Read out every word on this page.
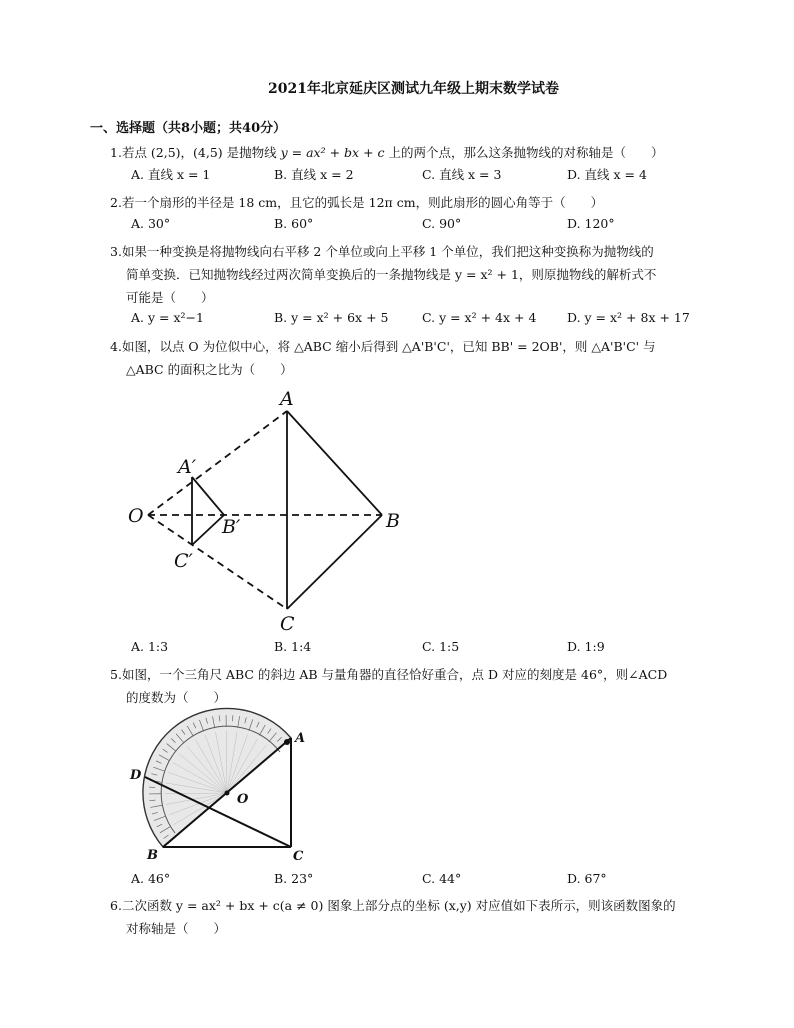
2021年北京延庆区测试九年级上期末数学试卷
一、选择题（共8小题；共40分）
1.若点 (2,5)，(4,5) 是抛物线 y = ax² + bx + c 上的两个点，那么这条抛物线的对称轴是（　　）
A. 直线 x = 1	B. 直线 x = 2	C. 直线 x = 3	D. 直线 x = 4
2.若一个扇形的半径是 18 cm，且它的弧长是 12π cm，则此扇形的圆心角等于（　　）
A. 30°	B. 60°	C. 90°	D. 120°
3.如果一种变换是将抛物线向右平移 2 个单位或向上平移 1 个单位，我们把这种变换称为抛物线的
简单变换．已知抛物线经过两次简单变换后的一条抛物线是 y = x² + 1，则原抛物线的解析式不
可能是（　　）
A. y = x²−1	B. y = x² + 6x + 5	C. y = x² + 4x + 4 D. y = x² + 8x + 17
4.如图，以点 O 为位似中心，将 △ABC 缩小后得到 △A'B'C'，已知 BB' = 2OB'，则 △A'B'C' 与
△ABC 的面积之比为（　　）
A
B
C
O
A′
B′
C′
A. 1:3	B. 1:4	C. 1:5	D. 1:9
5.如图，一个三角尺 ABC 的斜边 AB 与量角器的直径恰好重合，点 D 对应的刻度是 46°，则∠ACD
的度数为（　　）
A
B	C
D
O
A. 46°	B. 23°	C. 44°	D. 67°
6.二次函数 y = ax² + bx + c(a ≠ 0) 图象上部分点的坐标 (x,y) 对应值如下表所示，则该函数图象的
对称轴是（　　）
